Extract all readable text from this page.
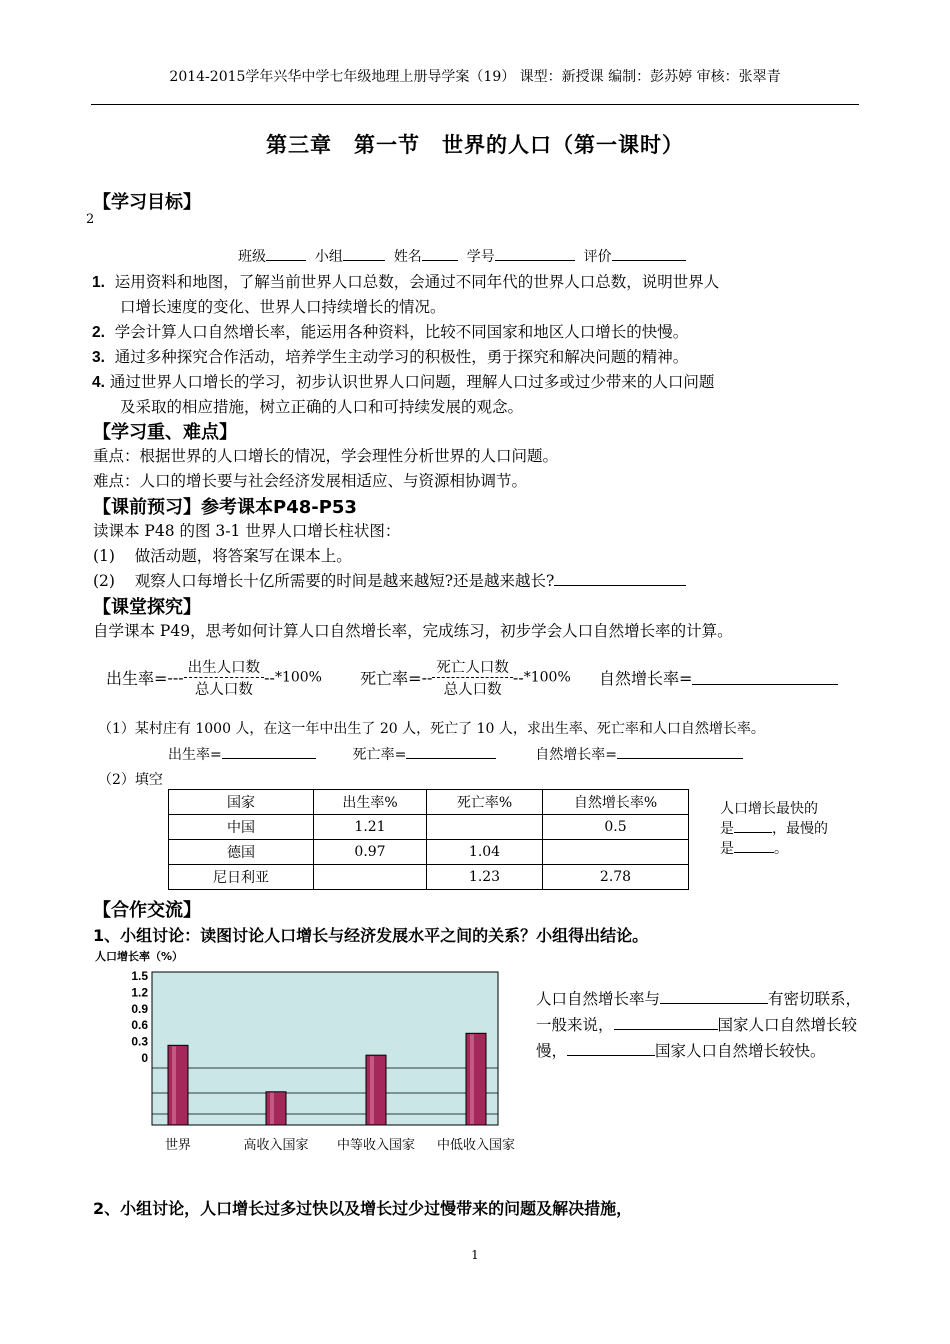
2014-2015学年兴华中学七年级地理上册导学案（19） 课型：新授课 编制：彭苏婷 审核：张翠青
第三章　第一节　世界的人口（第一课时）
【学习目标】
2
班级	小组	姓名	学号	评价
1. 运用资料和地图，了解当前世界人口总数，会通过不同年代的世界人口总数，说明世界人
口增长速度的变化、世界人口持续增长的情况。
2. 学会计算人口自然增长率，能运用各种资料，比较不同国家和地区人口增长的快慢。
3. 通过多种探究合作活动，培养学生主动学习的积极性，勇于探究和解决问题的精神。
4. 通过世界人口增长的学习，初步认识世界人口问题，理解人口过多或过少带来的人口问题
及采取的相应措施，树立正确的人口和可持续发展的观念。
【学习重、难点】
重点：根据世界的人口增长的情况，学会理性分析世界的人口问题。
难点：人口的增长要与社会经济发展相适应、与资源相协调节。
【课前预习】参考课本P48-P53
读课本 P48 的图 3-1 世界人口增长柱状图：
(1) 做活动题，将答案写在课本上。
(2) 观察人口每增长十亿所需要的时间是越来越短?还是越来越长?
【课堂探究】
自学课本 P49，思考如何计算人口自然增长率，完成练习，初步学会人口自然增长率的计算。
出生率=--- $\frac{\text{出生人口数}}{\text{总人口数}} --*100\%$ 死亡率=-- $\frac{\text{死亡人口数}}{\text{总人口数}} --*100\%$ 自然增长率=
（1）某村庄有 1000 人，在这一年中出生了 20 人，死亡了 10 人，求出生率、死亡率和人口自然增长率。
出生率=	死亡率=	自然增长率=
（2）填空
国家	出生率%	死亡率%	自然增长率%
中国	1.21		0.5
德国	0.97	1.04	
尼日利亚		1.23	2.78
人口增长最快的
是	，最慢的
是	。
【合作交流】
1、小组讨论：读图讨论人口增长与经济发展水平之间的关系？小组得出结论。
人口增长率（%）
1.5
1.2
0.9
0.6
0.3
0
世界	高收入国家 中等收入国家 中低收入国家
人口自然增长率与	有密切联系，
一般来说，	国家人口自然增长较
慢，	国家人口自然增长较快。
2、小组讨论，人口增长过多过快以及增长过少过慢带来的问题及解决措施，
1
